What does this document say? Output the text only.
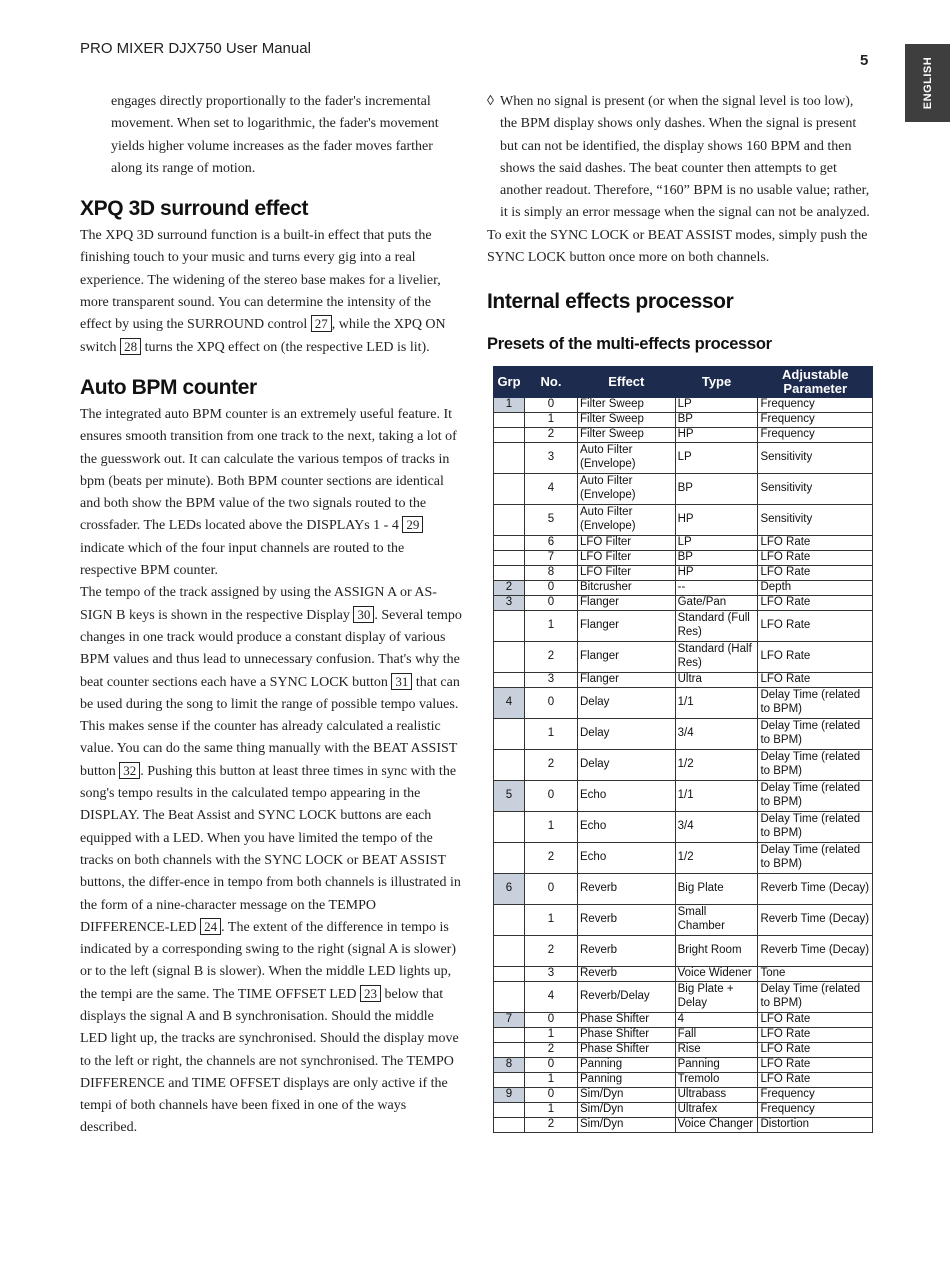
PRO MIXER DJX750 User Manual
5	ENGLISH

engages directly proportionally to the fader's incremental movement. When set to logarithmic, the fader's movement yields higher volume increases as the fader moves farther along its range of motion.

XPQ 3D surround effect

The XPQ 3D surround function is a built-in effect that puts the finishing touch to your music and turns every gig into a real experience. The widening of the stereo base makes for a livelier, more transparent sound. You can determine the intensity of the effect by using the SURROUND control 27 , while the XPQ ON switch 28 turns the XPQ effect on (the respective LED is lit).

Auto BPM counter

The integrated auto BPM counter is an extremely useful feature. It ensures smooth transition from one track to the next, taking a lot of the guesswork out. It can calculate the various tempos of tracks in bpm (beats per minute). Both BPM counter sections are identical and both show the BPM value of the two signals routed to the crossfader. The LEDs located above the DISPLAYs 1 - 4 29 indicate which of the four input channels are routed to the respective BPM counter.

The tempo of the track assigned by using the ASSIGN A or AS-SIGN B keys is shown in the respective Display 30 . Several tempo changes in one track would produce a constant display of various BPM values and thus lead to unnecessary confusion. That's why the beat counter sections each have a SYNC LOCK button 31 that can be used during the song to limit the range of possible tempo values. This makes sense if the counter has already calculated a realistic value. You can do the same thing manually with the BEAT ASSIST button 32 . Pushing this button at least three times in sync with the song's tempo results in the calculated tempo appearing in the DISPLAY. The Beat Assist and SYNC LOCK buttons are each equipped with a LED. When you have limited the tempo of the tracks on both channels with the SYNC LOCK or BEAT ASSIST buttons, the differ-ence in tempo from both channels is illustrated in the form of a nine-character message on the TEMPO DIFFERENCE-LED 24 . The extent of the difference in tempo is indicated by a corresponding swing to the right (signal A is slower) or to the left (signal B is slower). When the middle LED lights up, the tempi are the same. The TIME OFFSET LED 23 below that displays the signal A and B synchronisation. Should the middle LED light up, the tracks are synchronised. Should the display move to the left or right, the channels are not synchronised. The TEMPO DIFFERENCE and TIME OFFSET displays are only active if the tempi of both channels have been fixed in one of the ways described.

◊ When no signal is present (or when the signal level is too low), the BPM display shows only dashes. When the signal is present but can not be identified, the display shows 160 BPM and then shows the said dashes. The beat counter then attempts to get another readout. Therefore, “160” BPM is no usable value; rather, it is simply an error message when the signal can not be analyzed.

To exit the SYNC LOCK or BEAT ASSIST modes, simply push the SYNC LOCK button once more on both channels.

Internal effects processor
Presets of the multi-effects processor
Grp	No.	Effect	Type	Adjustable Parameter
1	0	Filter Sweep	LP	Frequency
	1	Filter Sweep	BP	Frequency
	2	Filter Sweep	HP	Frequency
	3	Auto Filter (Envelope)	LP	Sensitivity
	4	Auto Filter (Envelope)	BP	Sensitivity
	5	Auto Filter (Envelope)	HP	Sensitivity
	6	LFO Filter	LP	LFO Rate
	7	LFO Filter	BP	LFO Rate
	8	LFO Filter	HP	LFO Rate
2	0	Bitcrusher	--	Depth
3	0	Flanger	Gate/Pan	LFO Rate
	1	Flanger	Standard (Full Res)	LFO Rate
	2	Flanger	Standard (Half Res)	LFO Rate
	3	Flanger	Ultra	LFO Rate
4	0	Delay	1/1	Delay Time (related to BPM)
	1	Delay	3/4	Delay Time (related to BPM)
	2	Delay	1/2	Delay Time (related to BPM)
5	0	Echo	1/1	Delay Time (related to BPM)
	1	Echo	3/4	Delay Time (related to BPM)
	2	Echo	1/2	Delay Time (related to BPM)
6	0	Reverb	Big Plate	Reverb Time (Decay)
	1	Reverb	Small Chamber	Reverb Time (Decay)
	2	Reverb	Bright Room	Reverb Time (Decay)
	3	Reverb	Voice Widener	Tone
	4	Reverb/Delay	Big Plate + Delay	Delay Time (related to BPM)
7	0	Phase Shifter	4	LFO Rate
	1	Phase Shifter	Fall	LFO Rate
	2	Phase Shifter	Rise	LFO Rate
8	0	Panning	Panning	LFO Rate
	1	Panning	Tremolo	LFO Rate
9	0	Sim/Dyn	Ultrabass	Frequency
	1	Sim/Dyn	Ultrafex	Frequency
	2	Sim/Dyn	Voice Changer	Distortion
